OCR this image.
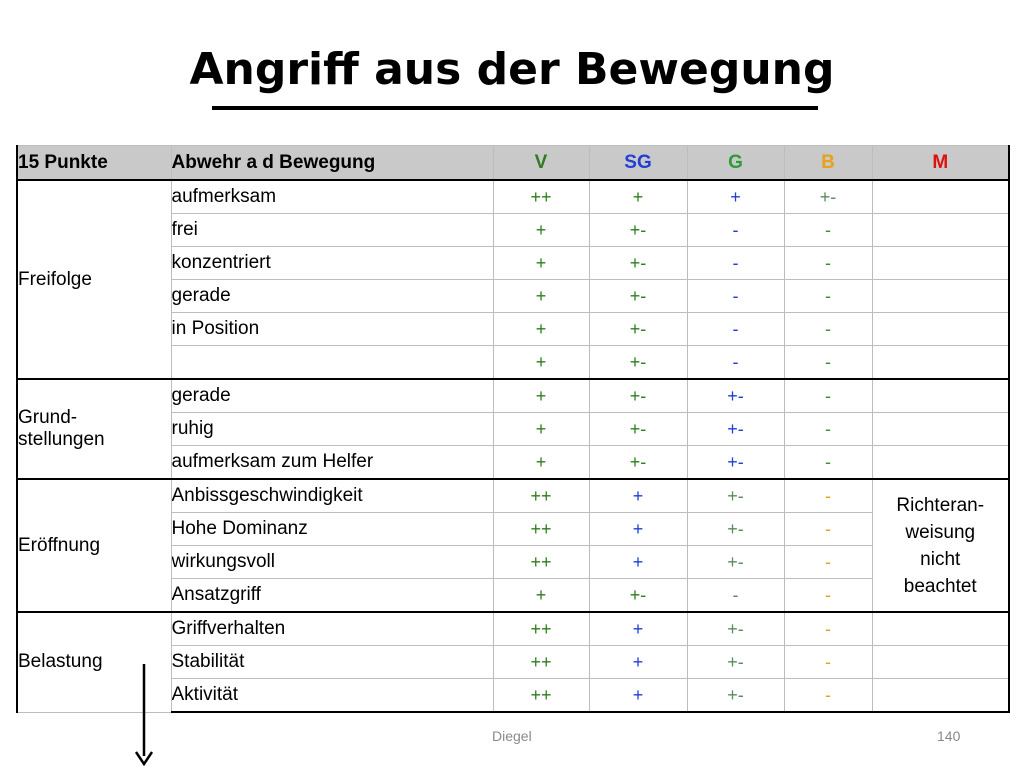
Angriff aus der Bewegung
15 Punkte	Abwehr a d Bewegung	V	SG	G	B	M
Freifolge	aufmerksam	++	+	+	+-	
	frei	+	+-	-	-	
	konzentriert	+	+-	-	-	
	gerade	+	+-	-	-	
	in Position	+	+-	-	-	
		+	+-	-	-	
Grund-
stellungen	gerade	+	+-	+-	-	
	ruhig	+	+-	+-	-	
	aufmerksam zum Helfer	+	+-	+-	-	
Eröffnung	Anbissgeschwindigkeit	++	+	+-	-	Richteran-
weisung
nicht
beachtet
	Hohe Dominanz	++	+	+-	-	
	wirkungsvoll	++	+	+-	-	
	Ansatzgriff	+	+-	-	-	
Belastung	Griffverhalten	++	+	+-	-	
	Stabilität	++	+	+-	-	
	Aktivität	++	+	+-	-	
Diegel	140
